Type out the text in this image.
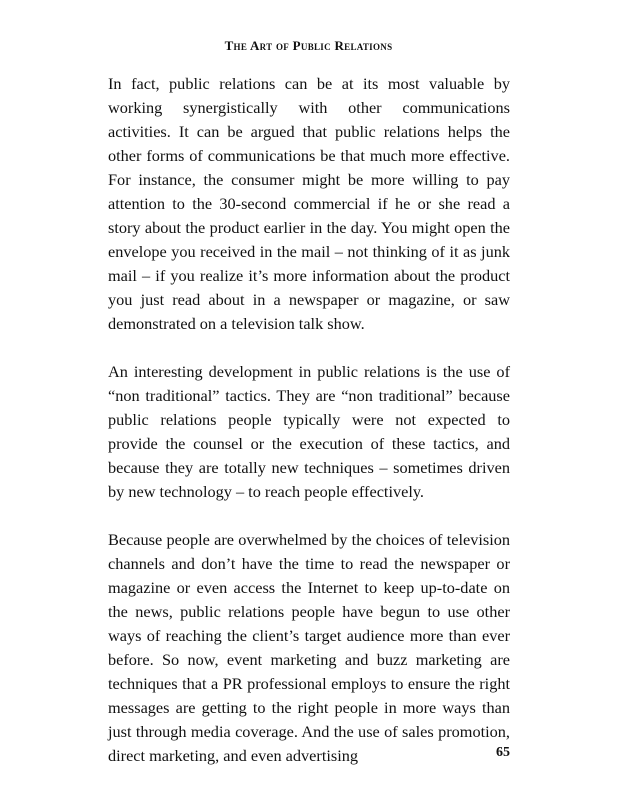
The Art of Public Relations

In fact, public relations can be at its most valuable by working synergistically with other communications activities. It can be argued that public relations helps the other forms of communications be that much more effective. For instance, the consumer might be more willing to pay attention to the 30-second commercial if he or she read a story about the product earlier in the day. You might open the envelope you received in the mail – not thinking of it as junk mail – if you realize it’s more information about the product you just read about in a newspaper or magazine, or saw demonstrated on a television talk show.

An interesting development in public relations is the use of “non traditional” tactics. They are “non traditional” because public relations people typically were not expected to provide the counsel or the execution of these tactics, and because they are totally new techniques – sometimes driven by new technology – to reach people effectively.

Because people are overwhelmed by the choices of television channels and don’t have the time to read the newspaper or magazine or even access the Internet to keep up-to-date on the news, public relations people have begun to use other ways of reaching the client’s target audience more than ever before. So now, event marketing and buzz marketing are techniques that a PR professional employs to ensure the right messages are getting to the right people in more ways than just through media coverage. And the use of sales promotion, direct marketing, and even advertising	65
